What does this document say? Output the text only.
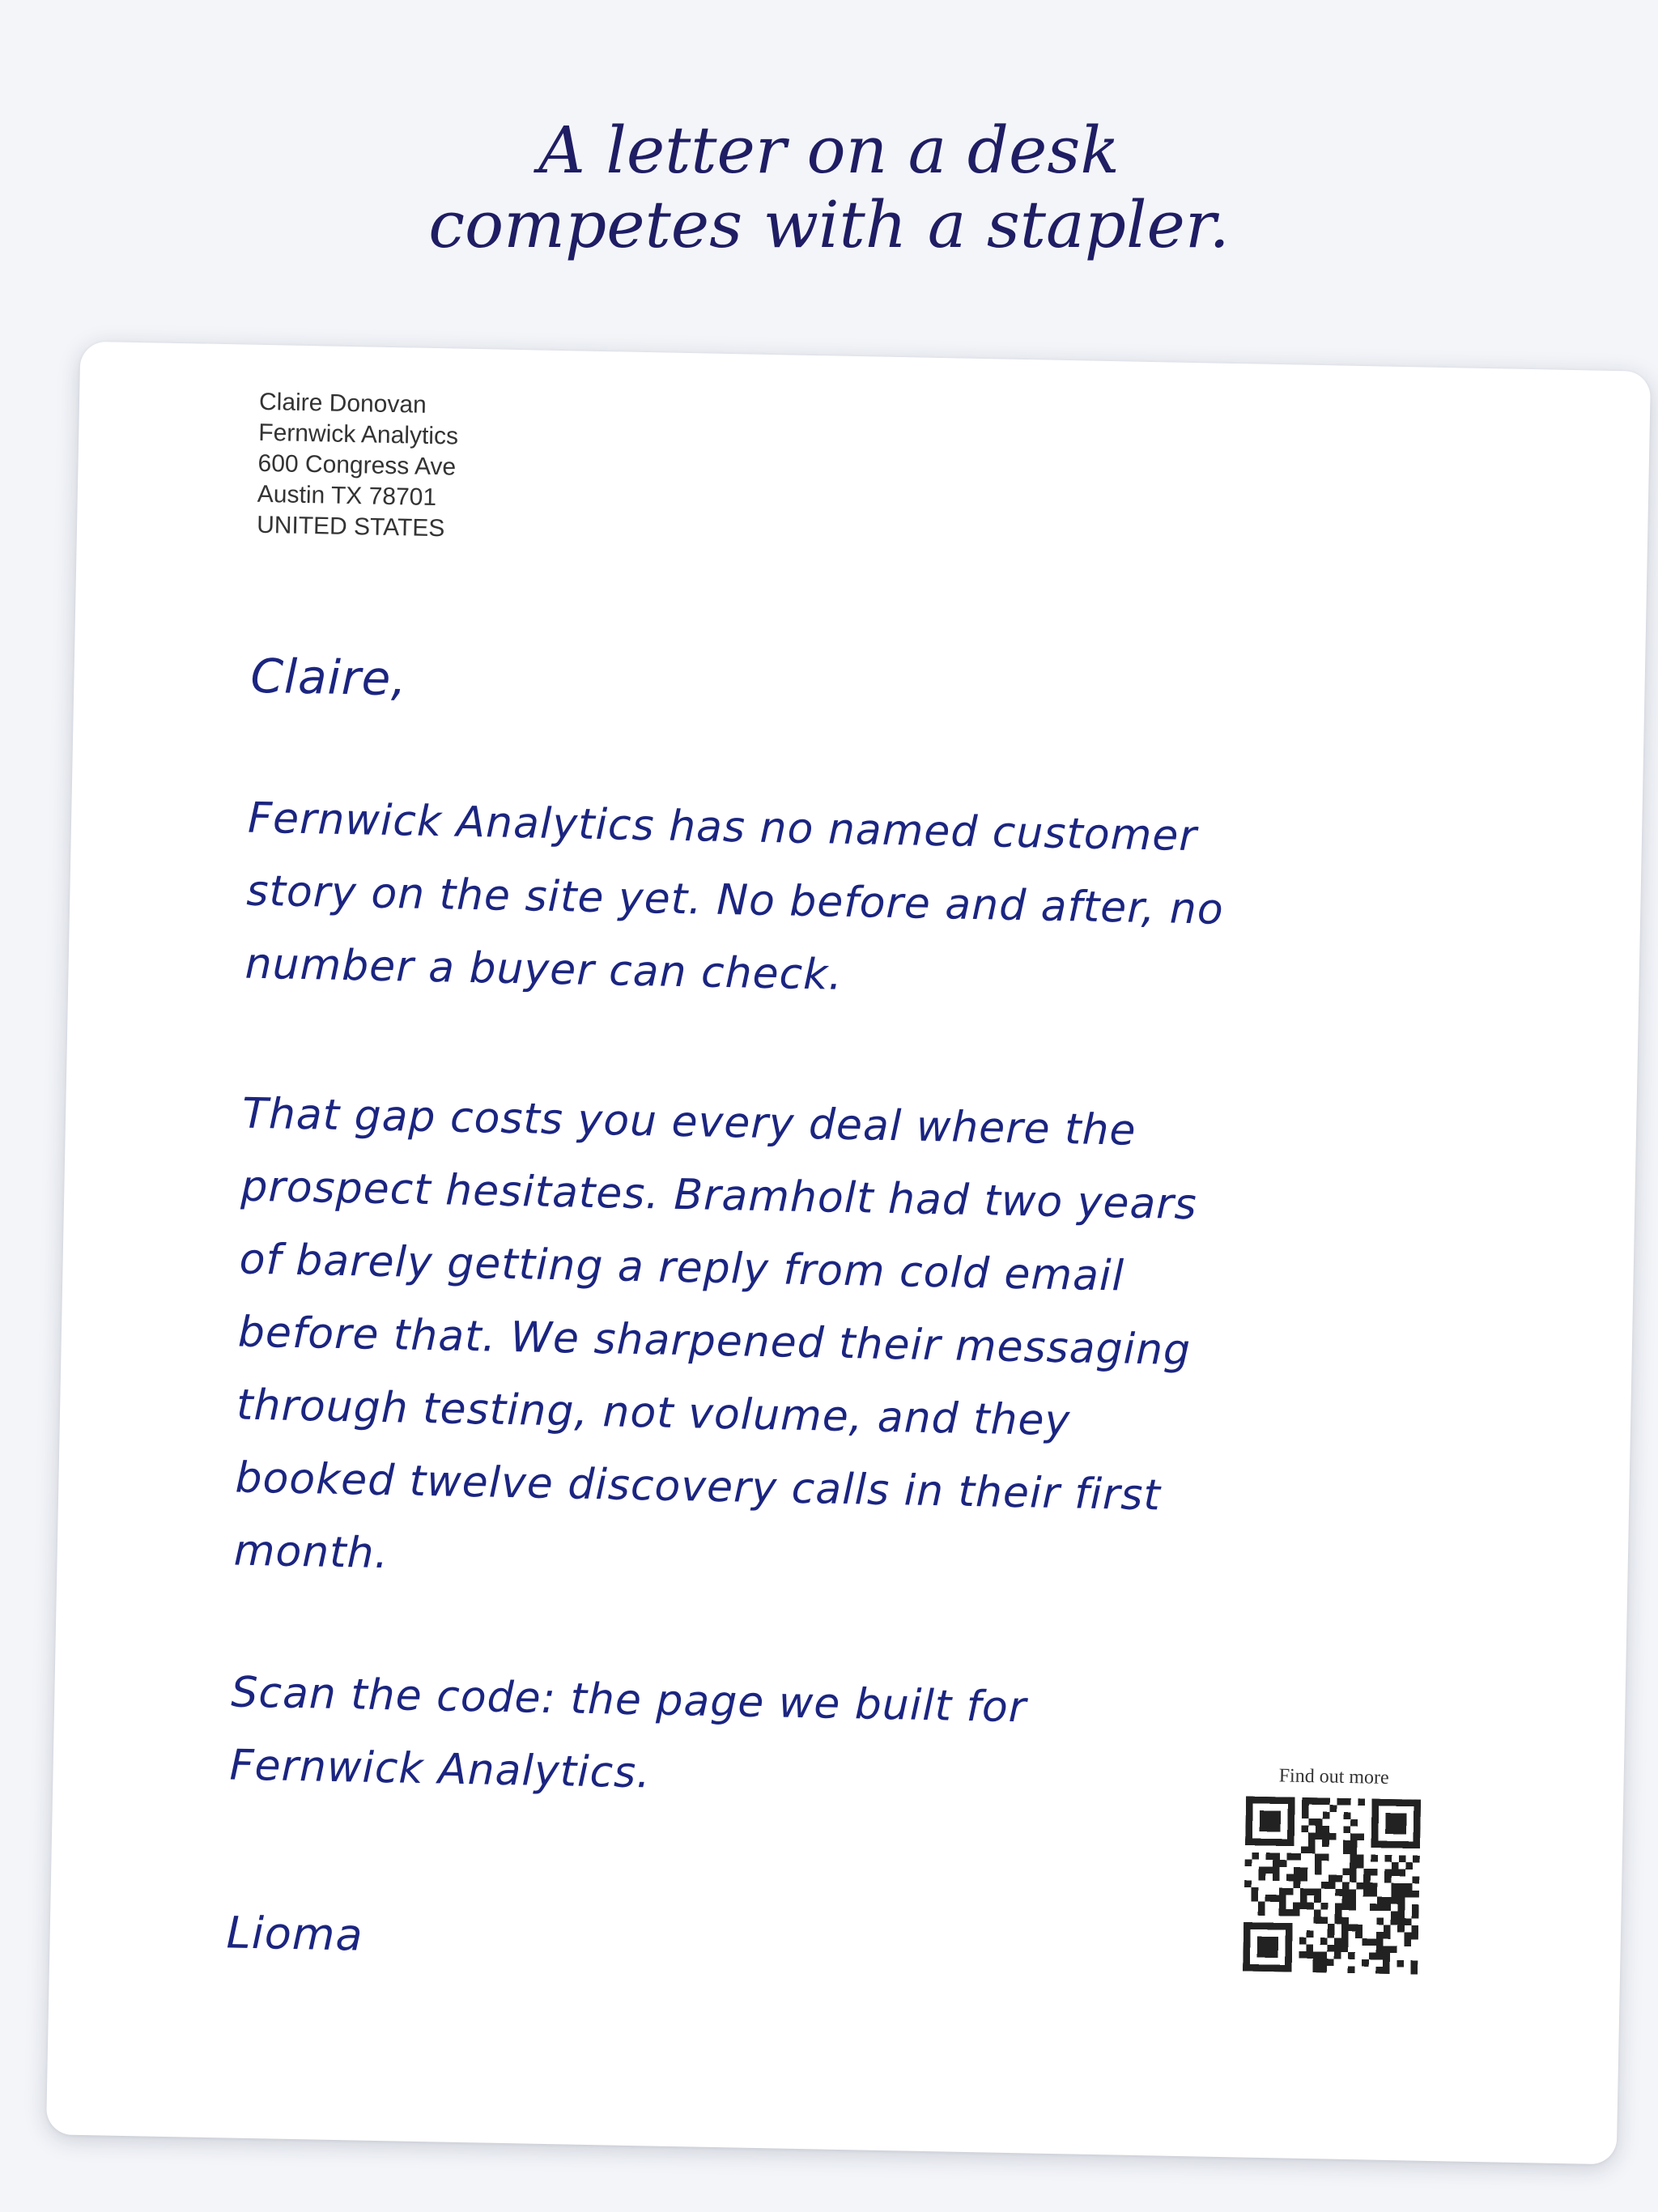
A letter on a desk
competes with a stapler.
Claire Donovan
Fernwick Analytics
600 Congress Ave
Austin TX 78701
UNITED STATES
Claire,
Fernwick Analytics has no named customer story on the site yet. No before and after, no number a buyer can check.
That gap costs you every deal where the prospect hesitates. Bramholt had two years of barely getting a reply from cold email before that. We sharpened their messaging through testing, not volume, and they booked twelve discovery calls in their first month.
Scan the code: the page we built for Fernwick Analytics.
Lioma
Find out more
